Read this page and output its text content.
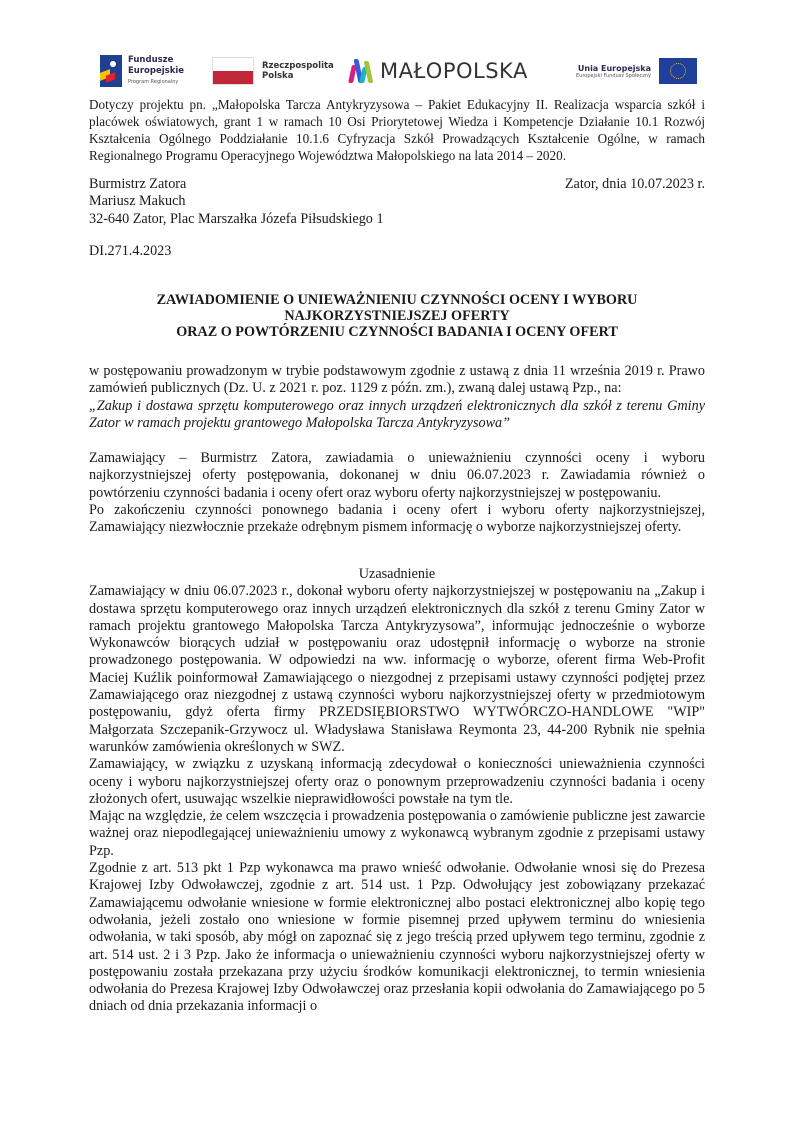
Fundusze
Europejskie
Program Regionalny
Rzeczpospolita
Polska	MAŁOPOLSKA	Unia Europejska
Europejski Fundusz Społeczny

Dotyczy projektu pn. „Małopolska Tarcza Antykryzysowa – Pakiet Edukacyjny II. Realizacja wsparcia szkół i placówek oświatowych, grant 1 w ramach 10 Osi Priorytetowej Wiedza i Kompetencje Działanie 10.1 Rozwój Kształcenia Ogólnego Poddziałanie 10.1.6 Cyfryzacja Szkół Prowadzących Kształcenie Ogólne, w ramach Regionalnego Programu Operacyjnego Województwa Małopolskiego na lata 2014 – 2020.

Burmistrz Zatora

Mariusz Makuch

32-640 Zator, Plac Marszałka Józefa Piłsudskiego 1

Zator, dnia 10.07.2023 r.

DI.271.4.2023

ZAWIADOMIENIE O UNIEWAŻNIENIU CZYNNOŚCI OCENY I WYBORU

NAJKORZYSTNIEJSZEJ OFERTY

ORAZ O POWTÓRZENIU CZYNNOŚCI BADANIA I OCENY OFERT

w postępowaniu prowadzonym w trybie podstawowym zgodnie z ustawą z dnia 11 września 2019 r. Prawo zamówień publicznych (Dz. U. z 2021 r. poz. 1129 z późn. zm.), zwaną dalej ustawą Pzp., na:

„Zakup i dostawa sprzętu komputerowego oraz innych urządzeń elektronicznych dla szkół z terenu Gminy Zator w ramach projektu grantowego Małopolska Tarcza Antykryzysowa”

Zamawiający – Burmistrz Zatora, zawiadamia o unieważnieniu czynności oceny i wyboru najkorzystniejszej oferty postępowania, dokonanej w dniu 06.07.2023 r. Zawiadamia również o powtórzeniu czynności badania i oceny ofert oraz wyboru oferty najkorzystniejszej w postępowaniu.

Po zakończeniu czynności ponownego badania i oceny ofert i wyboru oferty najkorzystniejszej, Zamawiający niezwłocznie przekaże odrębnym pismem informację o wyborze najkorzystniejszej oferty.

Uzasadnienie

Zamawiający w dniu 06.07.2023 r., dokonał wyboru oferty najkorzystniejszej w postępowaniu na „Zakup i dostawa sprzętu komputerowego oraz innych urządzeń elektronicznych dla szkół z terenu Gminy Zator w ramach projektu grantowego Małopolska Tarcza Antykryzysowa”, informując jednocześnie o wyborze Wykonawców biorących udział w postępowaniu oraz udostępnił informację o wyborze na stronie prowadzonego postępowania. W odpowiedzi na ww. informację o wyborze, oferent firma Web-Profit Maciej Kuźlik poinformował Zamawiającego o niezgodnej z przepisami ustawy czynności podjętej przez Zamawiającego oraz niezgodnej z ustawą czynności wyboru najkorzystniejszej oferty w przedmiotowym postępowaniu, gdyż oferta firmy PRZEDSIĘBIORSTWO WYTWÓRCZO-HANDLOWE "WIP" Małgorzata Szczepanik-Grzywocz ul. Władysława Stanisława Reymonta 23, 44-200 Rybnik nie spełnia warunków zamówienia określonych w SWZ.

Zamawiający, w związku z uzyskaną informacją zdecydował o konieczności unieważnienia czynności oceny i wyboru najkorzystniejszej oferty oraz o ponownym przeprowadzeniu czynności badania i oceny złożonych ofert, usuwając wszelkie nieprawidłowości powstałe na tym tle.

Mając na względzie, że celem wszczęcia i prowadzenia postępowania o zamówienie publiczne jest zawarcie ważnej oraz niepodlegającej unieważnieniu umowy z wykonawcą wybranym zgodnie z przepisami ustawy Pzp.

Zgodnie z art. 513 pkt 1 Pzp wykonawca ma prawo wnieść odwołanie. Odwołanie wnosi się do Prezesa Krajowej Izby Odwoławczej, zgodnie z art. 514 ust. 1 Pzp. Odwołujący jest zobowiązany przekazać Zamawiającemu odwołanie wniesione w formie elektronicznej albo postaci elektronicznej albo kopię tego odwołania, jeżeli zostało ono wniesione w formie pisemnej przed upływem terminu do wniesienia odwołania, w taki sposób, aby mógł on zapoznać się z jego treścią przed upływem tego terminu, zgodnie z art. 514 ust. 2 i 3 Pzp. Jako że informacja o unieważnieniu czynności wyboru najkorzystniejszej oferty w postępowaniu została przekazana przy użyciu środków komunikacji elektronicznej, to termin wniesienia odwołania do Prezesa Krajowej Izby Odwoławczej oraz przesłania kopii odwołania do Zamawiającego po 5 dniach od dnia przekazania informacji o
